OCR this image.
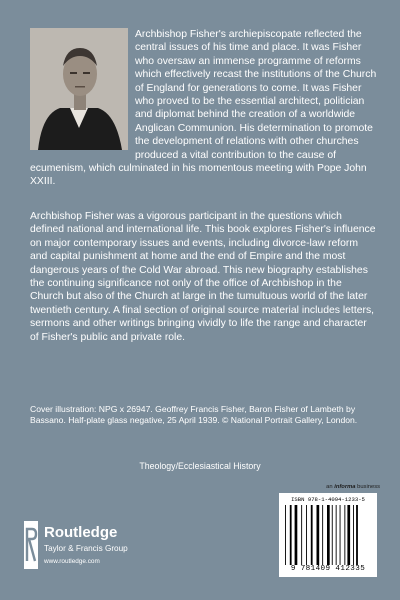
Archbishop Fisher's archiepiscopate reflected the central issues of his time and place. It was Fisher who oversaw an immense programme of reforms which effectively recast the institutions of the Church of England for generations to come. It was Fisher who proved to be the essential architect, politician and diplomat behind the creation of a worldwide Anglican Communion. His determination to promote the development of relations with other churches produced a vital contribution to the cause of ecumenism, which culminated in his momentous meeting with Pope John XXIII.

Archbishop Fisher was a vigorous participant in the questions which defined national and international life. This book explores Fisher's influence on major contemporary issues and events, including divorce-law reform and capital punishment at home and the end of Empire and the most dangerous years of the Cold War abroad. This new biography establishes the continuing significance not only of the office of Archbishop in the Church but also of the Church at large in the tumultuous world of the later twentieth century. A final section of original source material includes letters, sermons and other writings bringing vividly to life the range and character of Fisher's public and private role.

Cover illustration: NPG x 26947. Geoffrey Francis Fisher, Baron Fisher of Lambeth by Bassano. Half-plate glass negative, 25 April 1939. © National Portrait Gallery, London.

Theology/Ecclesiastical History

an informa business

ISBN 978-1-4094-1233-5

9 781409 412335

Routledge

Taylor & Francis Group

www.routledge.com
